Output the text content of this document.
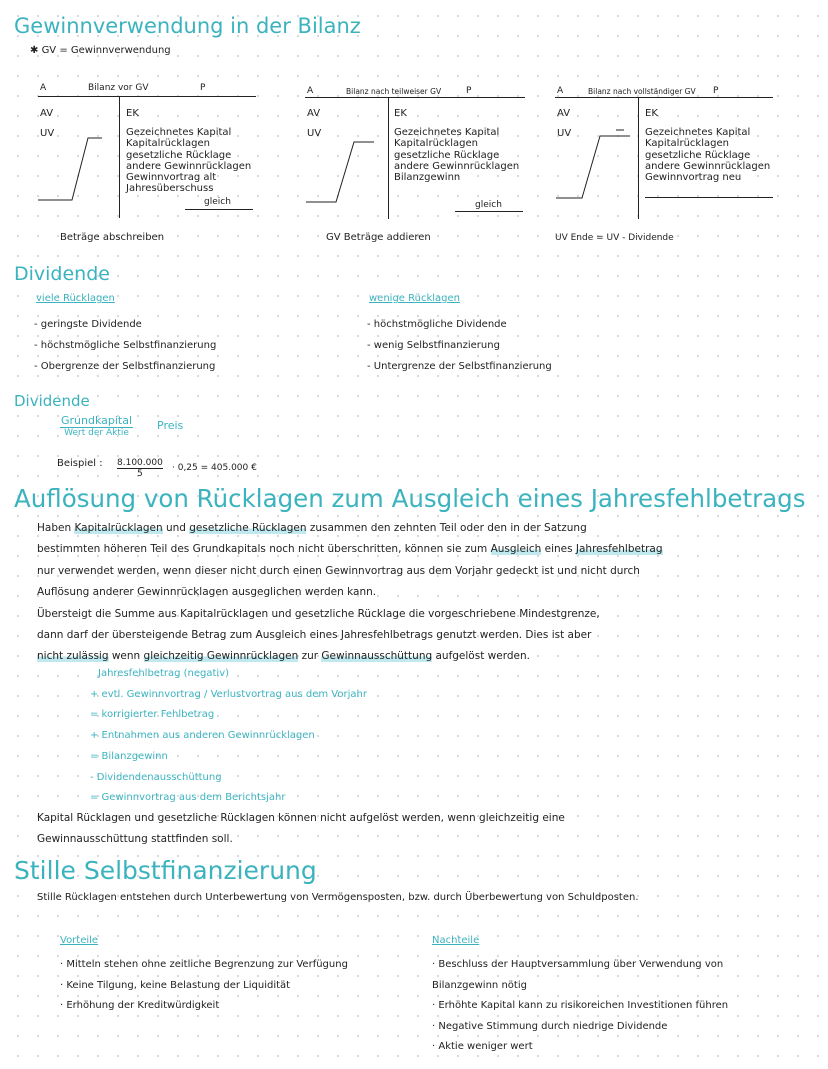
Gewinnverwendung in der Bilanz
✱ GV = Gewinnverwendung
A	Bilanz vor GV	P
AV
UV
EK
Gezeichnetes Kapital
Kapitalrücklagen
gesetzliche Rücklage
andere Gewinnrücklagen
Gewinnvortrag alt
Jahresüberschuss
gleich
Beträge abschreiben
A	Bilanz nach teilweiser GV	P
AV
UV
EK
Gezeichnetes Kapital
Kapitalrücklagen
gesetzliche Rücklage
andere Gewinnrücklagen
Bilanzgewinn
gleich
GV Beträge addieren
A	Bilanz nach vollständiger GV P
AV
UV
EK
Gezeichnetes Kapital
Kapitalrücklagen
gesetzliche Rücklage
andere Gewinnrücklagen
Gewinnvortrag neu
UV Ende = UV - Dividende
Dividende
viele Rücklagen
- geringste Dividende
- höchstmögliche Selbstfinanzierung
- Obergrenze der Selbstfinanzierung
wenige Rücklagen
- höchstmögliche Dividende
- wenig Selbstfinanzierung
- Untergrenze der Selbstfinanzierung
Dividende
Grundkapital
Wert der Aktie
Preis
Beispiel : $\frac{8.100.000}{5} \cdot 0,25 = 405.000$ €
Auflösung von Rücklagen zum Ausgleich eines Jahresfehlbetrags
Haben Kapitalrücklagen und gesetzliche Rücklagen zusammen den zehnten Teil oder den in der Satzung
bestimmten höheren Teil des Grundkapitals noch nicht überschritten, können sie zum Ausgleich eines Jahresfehlbetrag
nur verwendet werden, wenn dieser nicht durch einen Gewinnvortrag aus dem Vorjahr gedeckt ist und nicht durch
Auflösung anderer Gewinnrücklagen ausgeglichen werden kann.
Übersteigt die Summe aus Kapitalrücklagen und gesetzliche Rücklage die vorgeschriebene Mindestgrenze,
dann darf der übersteigende Betrag zum Ausgleich eines Jahresfehlbetrags genutzt werden. Dies ist aber
nicht zulässig wenn gleichzeitig Gewinnrücklagen zur Gewinnausschüttung aufgelöst werden.
Jahresfehlbetrag (negativ)
+ evtl. Gewinnvortrag / Verlustvortrag aus dem Vorjahr
= korrigierter Fehlbetrag
+ Entnahmen aus anderen Gewinnrücklagen
= Bilanzgewinn
- Dividendenausschüttung
= Gewinnvortrag aus dem Berichtsjahr
Kapital Rücklagen und gesetzliche Rücklagen können nicht aufgelöst werden, wenn gleichzeitig eine
Gewinnausschüttung stattfinden soll.
Stille Selbstfinanzierung
Stille Rücklagen entstehen durch Unterbewertung von Vermögensposten, bzw. durch Überbewertung von Schuldposten.
Vorteile
· Mitteln stehen ohne zeitliche Begrenzung zur Verfügung
· Keine Tilgung, keine Belastung der Liquidität
· Erhöhung der Kreditwürdigkeit
Nachteile
· Beschluss der Hauptversammlung über Verwendung von
Bilanzgewinn nötig
· Erhöhte Kapital kann zu risikoreichen Investitionen führen
· Negative Stimmung durch niedrige Dividende
· Aktie weniger wert
